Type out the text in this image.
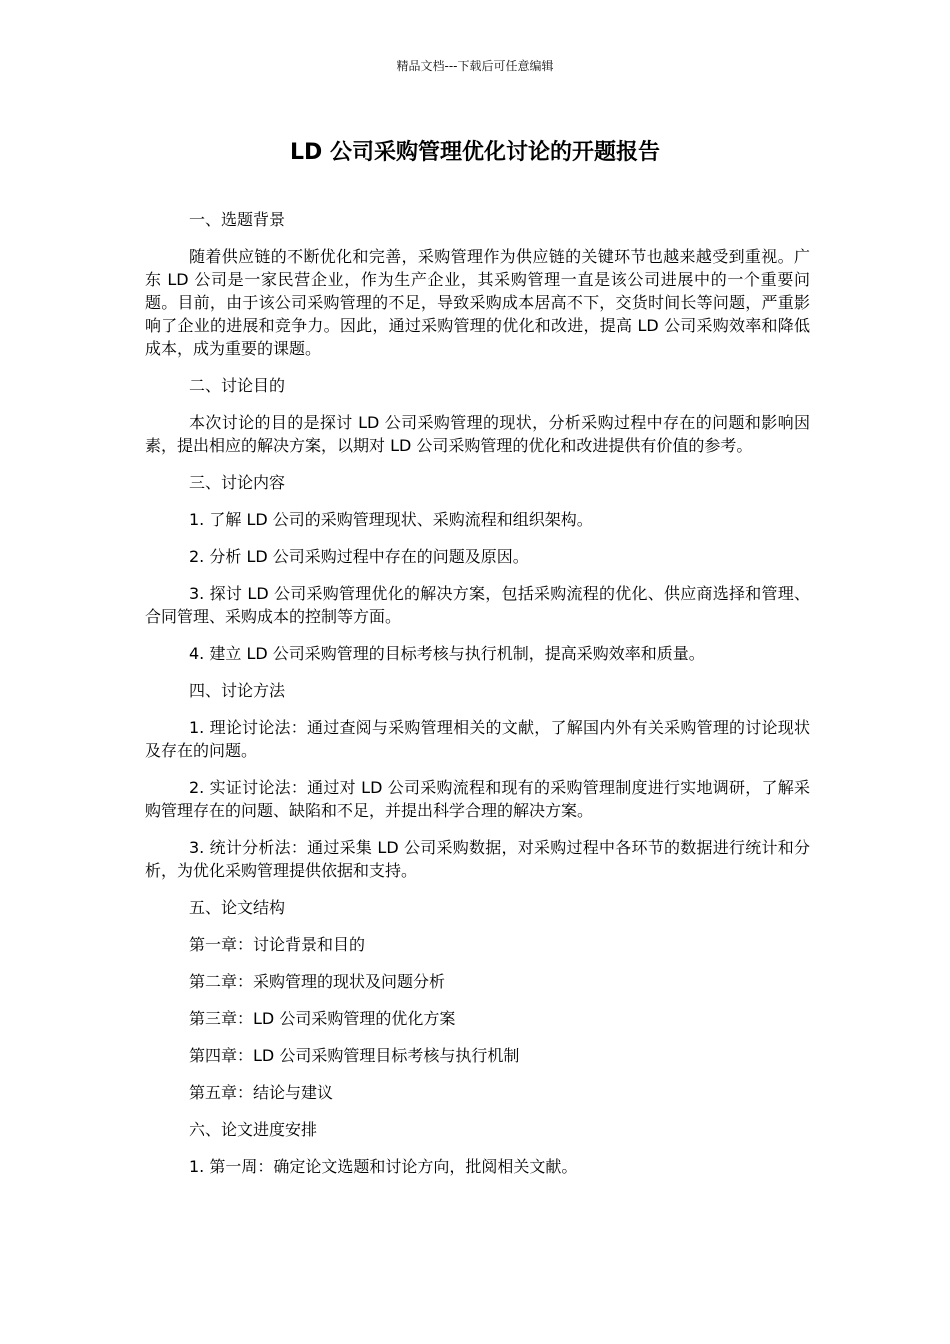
精品文档---下载后可任意编辑
LD 公司采购管理优化讨论的开题报告
一、选题背景
随着供应链的不断优化和完善，采购管理作为供应链的关键环节也越来越受到重视。广东 LD 公司是一家民营企业，作为生产企业，其采购管理一直是该公司进展中的一个重要问题。目前，由于该公司采购管理的不足，导致采购成本居高不下，交货时间长等问题，严重影响了企业的进展和竞争力。因此，通过采购管理的优化和改进，提高 LD 公司采购效率和降低成本，成为重要的课题。
二、讨论目的
本次讨论的目的是探讨 LD 公司采购管理的现状，分析采购过程中存在的问题和影响因素，提出相应的解决方案，以期对 LD 公司采购管理的优化和改进提供有价值的参考。
三、讨论内容
1. 了解 LD 公司的采购管理现状、采购流程和组织架构。
2. 分析 LD 公司采购过程中存在的问题及原因。
3. 探讨 LD 公司采购管理优化的解决方案，包括采购流程的优化、供应商选择和管理、合同管理、采购成本的控制等方面。
4. 建立 LD 公司采购管理的目标考核与执行机制，提高采购效率和质量。
四、讨论方法
1. 理论讨论法：通过查阅与采购管理相关的文献，了解国内外有关采购管理的讨论现状及存在的问题。
2. 实证讨论法：通过对 LD 公司采购流程和现有的采购管理制度进行实地调研，了解采购管理存在的问题、缺陷和不足，并提出科学合理的解决方案。
3. 统计分析法：通过采集 LD 公司采购数据，对采购过程中各环节的数据进行统计和分析，为优化采购管理提供依据和支持。
五、论文结构
第一章：讨论背景和目的
第二章：采购管理的现状及问题分析
第三章：LD 公司采购管理的优化方案
第四章：LD 公司采购管理目标考核与执行机制
第五章：结论与建议
六、论文进度安排
1. 第一周：确定论文选题和讨论方向，批阅相关文献。
